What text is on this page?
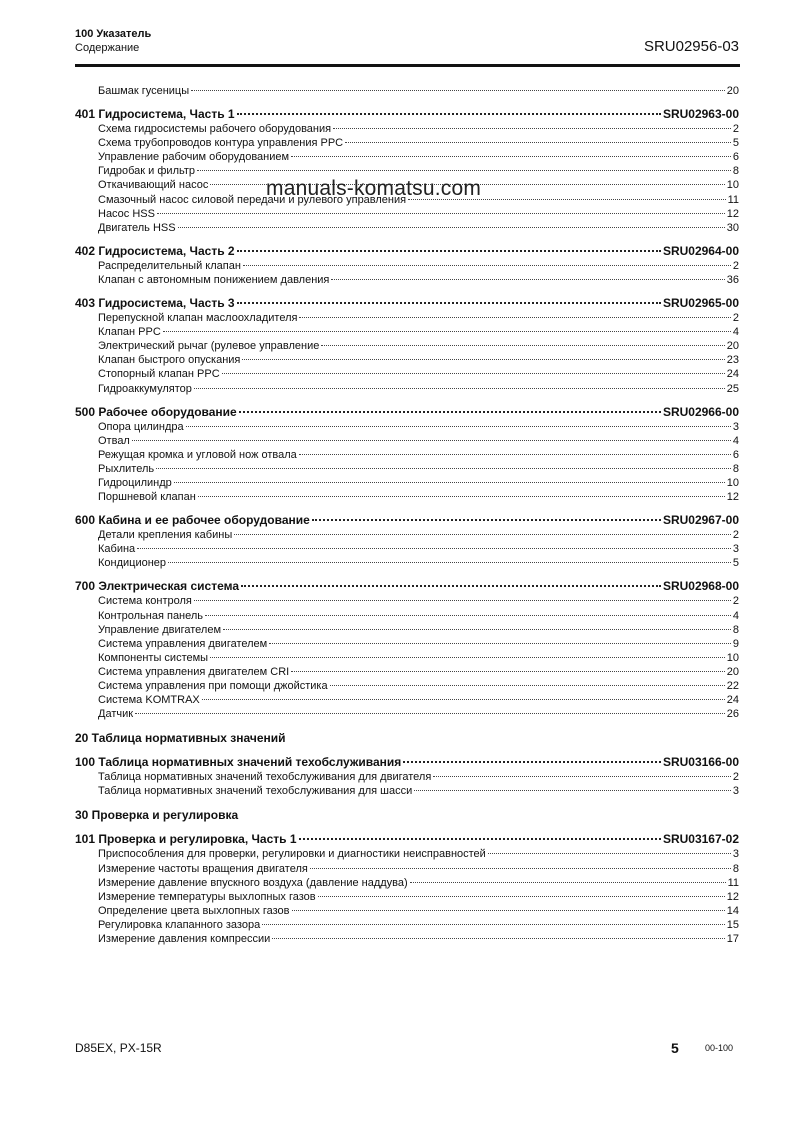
100 Указатель
Содержание	SRU02956-03
Башмак гусеницы	20
401 Гидросистема, Часть 1	SRU02963-00
Схема гидросистемы рабочего оборудования	2
Схема трубопроводов контура управления PPC	5
Управление рабочим оборудованием	6
Гидробак и фильтр	8
Откачивающий насос	10
Смазочный насос силовой передачи и рулевого управления	11
Насос HSS	12
Двигатель HSS	30
402 Гидросистема, Часть 2	SRU02964-00
Распределительный клапан	2
Клапан с автономным понижением давления	36
403 Гидросистема, Часть 3	SRU02965-00
Перепускной клапан маслоохладителя	2
Клапан PPC	4
Электрический рычаг (рулевое управление	20
Клапан быстрого опускания	23
Стопорный клапан PPC	24
Гидроаккумулятор	25
500 Рабочее оборудование	SRU02966-00
Опора цилиндра	3
Отвал	4
Режущая кромка и угловой нож отвала	6
Рыхлитель	8
Гидроцилиндр	10
Поршневой клапан	12
600 Кабина и ее рабочее оборудование	SRU02967-00
Детали крепления кабины	2
Кабина	3
Кондиционер	5
700 Электрическая система	SRU02968-00
Система контроля	2
Контрольная панель	4
Управление двигателем	8
Система управления двигателем	9
Компоненты системы	10
Система управления двигателем CRI	20
Система управления при помощи джойстика	22
Система KOMTRAX	24
Датчик	26
20 Таблица нормативных значений
100 Таблица нормативных значений техобслуживания	SRU03166-00
Таблица нормативных значений техобслуживания для двигателя	2
Таблица нормативных значений техобслуживания для шасси	3
30 Проверка и регулировка
101 Проверка и регулировка, Часть 1	SRU03167-02
Приспособления для проверки, регулировки и диагностики неисправностей	3
Измерение частоты вращения двигателя	8
Измерение давление впускного воздуха (давление наддува)	11
Измерение температуры выхлопных газов	12
Определение цвета выхлопных газов	14
Регулировка клапанного зазора	15
Измерение давления компрессии	17
manuals-komatsu.com
D85EX, PX-15R	5	00-100
